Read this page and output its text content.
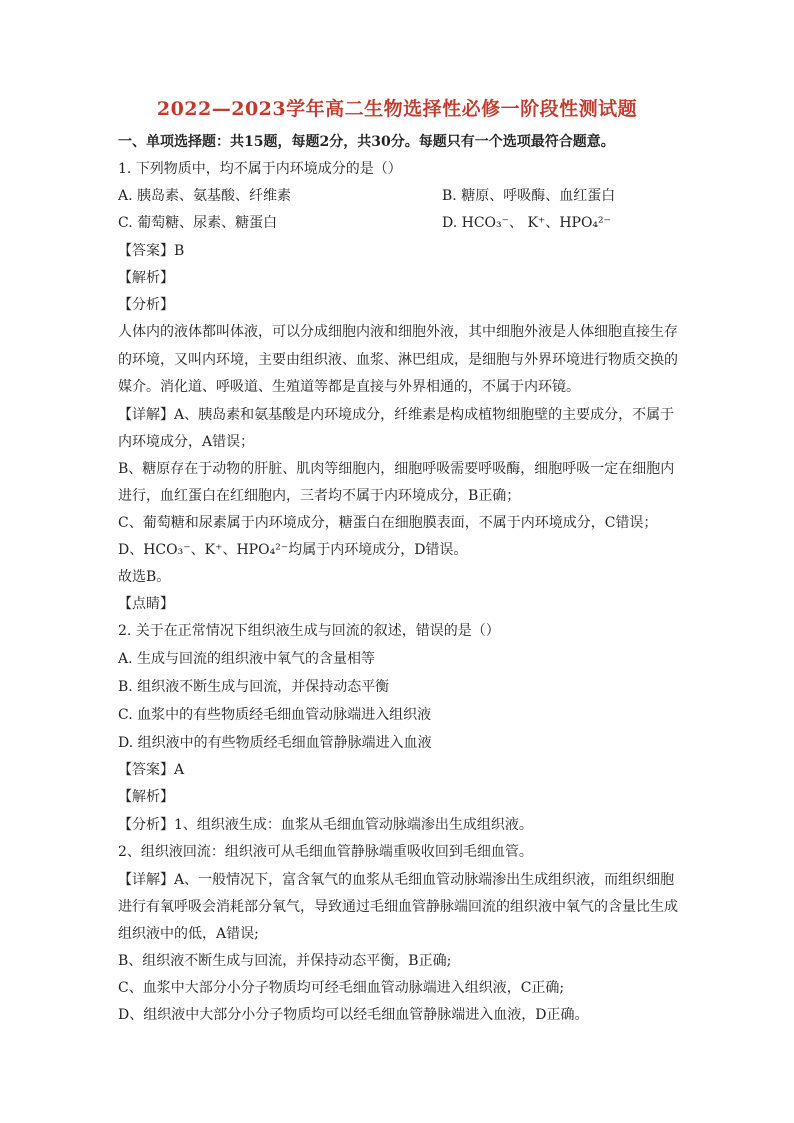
2022—2023学年高二生物选择性必修一阶段性测试题
一、单项选择题：共15题，每题2分，共30分。每题只有一个选项最符合题意。
1. 下列物质中，均不属于内环境成分的是（）
A. 胰岛素、氨基酸、纤维素	B. 糖原、呼吸酶、血红蛋白
C. 葡萄糖、尿素、糖蛋白	D. HCO₃⁻、 K⁺、HPO₄²⁻
【答案】B
【解析】
【分析】
人体内的液体都叫体液，可以分成细胞内液和细胞外液，其中细胞外液是人体细胞直接生存
的环境，又叫内环境，主要由组织液、血浆、淋巴组成，是细胞与外界环境进行物质交换的
媒介。消化道、呼吸道、生殖道等都是直接与外界相通的，不属于内环镜。
【详解】A、胰岛素和氨基酸是内环境成分，纤维素是构成植物细胞壁的主要成分，不属于
内环境成分，A错误；
B、糖原存在于动物的肝脏、肌肉等细胞内，细胞呼吸需要呼吸酶，细胞呼吸一定在细胞内
进行，血红蛋白在红细胞内，三者均不属于内环境成分，B正确；
C、葡萄糖和尿素属于内环境成分，糖蛋白在细胞膜表面，不属于内环境成分，C错误；
D、HCO₃⁻、K⁺、HPO₄²⁻均属于内环境成分，D错误。
故选B。
【点睛】
2. 关于在正常情况下组织液生成与回流的叙述，错误的是（）
A. 生成与回流的组织液中氧气的含量相等
B. 组织液不断生成与回流，并保持动态平衡
C. 血浆中的有些物质经毛细血管动脉端进入组织液
D. 组织液中的有些物质经毛细血管静脉端进入血液
【答案】A
【解析】
【分析】1、组织液生成：血浆从毛细血管动脉端渗出生成组织液。
2、组织液回流：组织液可从毛细血管静脉端重吸收回到毛细血管。
【详解】A、一般情况下，富含氧气的血浆从毛细血管动脉端渗出生成组织液，而组织细胞
进行有氧呼吸会消耗部分氧气，导致通过毛细血管静脉端回流的组织液中氧气的含量比生成
组织液中的低，A错误;
B、组织液不断生成与回流，并保持动态平衡，B正确;
C、血浆中大部分小分子物质均可经毛细血管动脉端进入组织液，C正确;
D、组织液中大部分小分子物质均可以经毛细血管静脉端进入血液，D正确。
